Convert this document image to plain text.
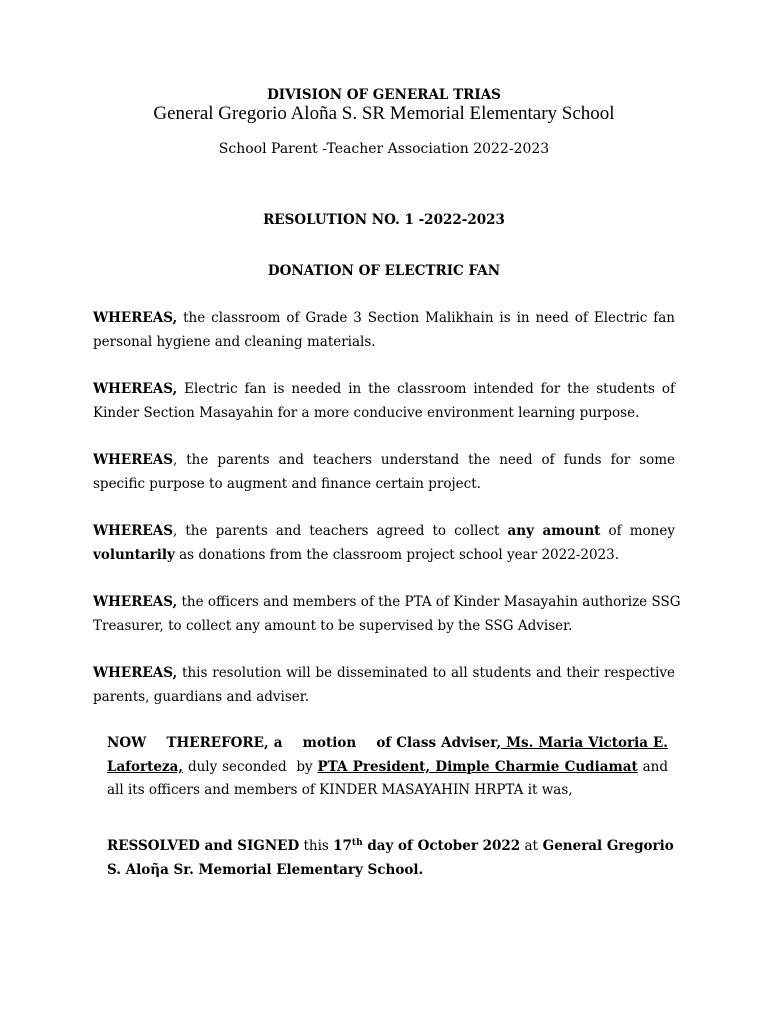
DIVISION OF GENERAL TRIAS
General Gregorio Aloña S. SR Memorial Elementary School
School Parent -Teacher Association 2022-2023
RESOLUTION NO. 1 -2022-2023
DONATION OF ELECTRIC FAN
WHEREAS, the classroom of Grade 3 Section Malikhain is in need of Electric fan
personal hygiene and cleaning materials.
WHEREAS, Electric fan is needed in the classroom intended for the students of
Kinder Section Masayahin for a more conducive environment learning purpose.
WHEREAS, the parents and teachers understand the need of funds for some
specific purpose to augment and finance certain project.
WHEREAS, the parents and teachers agreed to collect any amount of money
voluntarily as donations from the classroom project school year 2022-2023.
WHEREAS, the officers and members of the PTA of Kinder Masayahin authorize SSG
Treasurer, to collect any amount to be supervised by the SSG Adviser.
WHEREAS, this resolution will be disseminated to all students and their respective
parents, guardians and adviser.
NOW    THEREFORE, a    motion    of Class Adviser, Ms. Maria Victoria E.
Laforteza, duly seconded  by PTA President, Dimple Charmie Cudiamat and
all its officers and members of KINDER MASAYAHIN HRPTA it was,
RESSOLVED and SIGNED this 17th day of October 2022 at General Gregorio
S. Aloῆa Sr. Memorial Elementary School.
